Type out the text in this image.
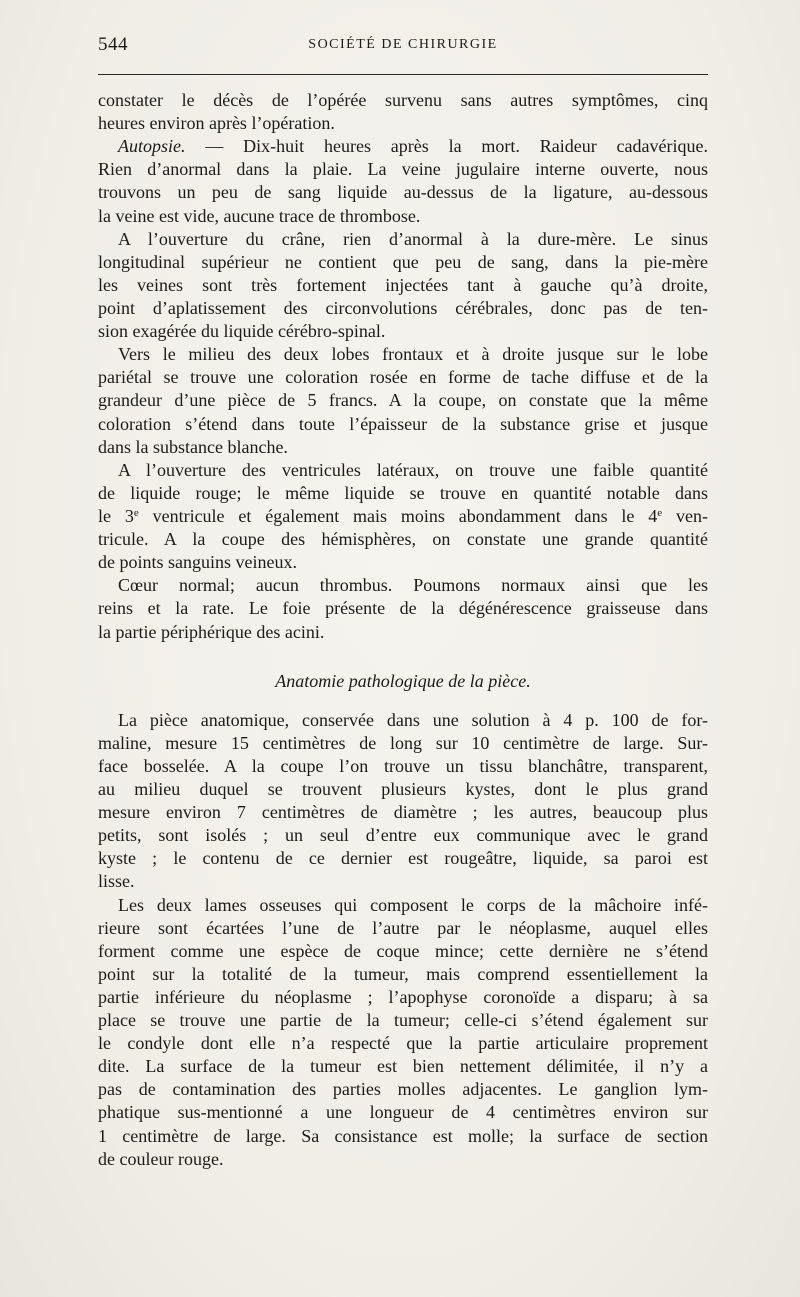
544	SOCIÉTÉ DE CHIRURGIE
constater le décès de l’opérée survenu sans autres symptômes, cinq
heures environ après l’opération.
Autopsie. — Dix-huit heures après la mort. Raideur cadavérique.
Rien d’anormal dans la plaie. La veine jugulaire interne ouverte, nous
trouvons un peu de sang liquide au-dessus de la ligature, au-dessous
la veine est vide, aucune trace de thrombose.
A l’ouverture du crâne, rien d’anormal à la dure-mère. Le sinus
longitudinal supérieur ne contient que peu de sang, dans la pie-mère
les veines sont très fortement injectées tant à gauche qu’à droite,
point d’aplatissement des circonvolutions cérébrales, donc pas de ten-
sion exagérée du liquide cérébro-spinal.
Vers le milieu des deux lobes frontaux et à droite jusque sur le lobe
pariétal se trouve une coloration rosée en forme de tache diffuse et de la
grandeur d’une pièce de 5 francs. A la coupe, on constate que la même
coloration s’étend dans toute l’épaisseur de la substance grise et jusque
dans la substance blanche.
A l’ouverture des ventricules latéraux, on trouve une faible quantité
de liquide rouge; le même liquide se trouve en quantité notable dans
le 3e ventricule et également mais moins abondamment dans le 4e ven-
tricule. A la coupe des hémisphères, on constate une grande quantité
de points sanguins veineux.
Cœur normal; aucun thrombus. Poumons normaux ainsi que les
reins et la rate. Le foie présente de la dégénérescence graisseuse dans
la partie périphérique des acini.
Anatomie pathologique de la pièce.
La pièce anatomique, conservée dans une solution à 4 p. 100 de for-
maline, mesure 15 centimètres de long sur 10 centimètre de large. Sur-
face bosselée. A la coupe l’on trouve un tissu blanchâtre, transparent,
au milieu duquel se trouvent plusieurs kystes, dont le plus grand
mesure environ 7 centimètres de diamètre ; les autres, beaucoup plus
petits, sont isolés ; un seul d’entre eux communique avec le grand
kyste ; le contenu de ce dernier est rougeâtre, liquide, sa paroi est
lisse.
Les deux lames osseuses qui composent le corps de la mâchoire infé-
rieure sont écartées l’une de l’autre par le néoplasme, auquel elles
forment comme une espèce de coque mince; cette dernière ne s’étend
point sur la totalité de la tumeur, mais comprend essentiellement la
partie inférieure du néoplasme ; l’apophyse coronoïde a disparu; à sa
place se trouve une partie de la tumeur; celle-ci s’étend également sur
le condyle dont elle n’a respecté que la partie articulaire proprement
dite. La surface de la tumeur est bien nettement délimitée, il n’y a
pas de contamination des parties molles adjacentes. Le ganglion lym-
phatique sus-mentionné a une longueur de 4 centimètres environ sur
1 centimètre de large. Sa consistance est molle; la surface de section
de couleur rouge.
